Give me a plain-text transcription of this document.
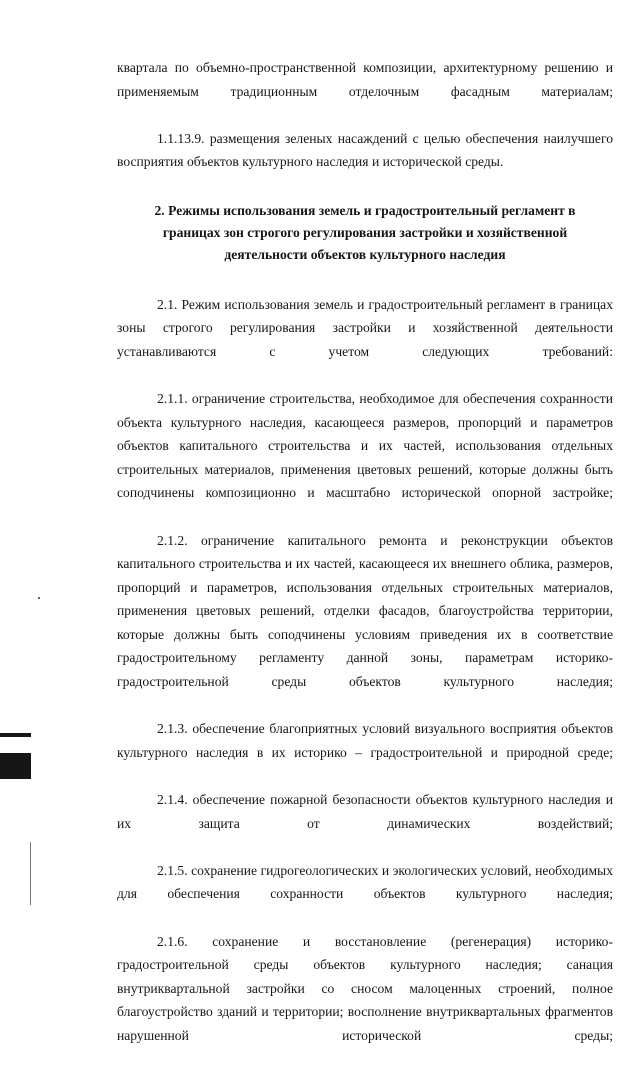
квартала по объемно-пространственной композиции, архитектурному решению и применяемым традиционным отделочным фасадным материалам;

1.1.13.9. размещения зеленых насаждений с целью обеспечения наилучшего восприятия объектов культурного наследия и исторической среды.

2. Режимы использования земель и градостроительный регламент в
границах зон строгого регулирования застройки и хозяйственной
деятельности объектов культурного наследия

2.1. Режим использования земель и градостроительный регламент в границах зоны строгого регулирования застройки и хозяйственной деятельности устанавливаются с учетом следующих требований:

2.1.1. ограничение строительства, необходимое для обеспечения сохранности объекта культурного наследия, касающееся размеров, пропорций и параметров объектов капитального строительства и их частей, использования отдельных строительных материалов, применения цветовых решений, которые должны быть соподчинены композиционно и масштабно исторической опорной застройке;

2.1.2. ограничение капитального ремонта и реконструкции объектов капитального строительства и их частей, касающееся их внешнего облика, размеров, пропорций и параметров, использования отдельных строительных материалов, применения цветовых решений, отделки фасадов, благоустройства территории, которые должны быть соподчинены условиям приведения их в соответствие градостроительному регламенту данной зоны, параметрам историко-градостроительной среды объектов культурного наследия;

2.1.3. обеспечение благоприятных условий визуального восприятия объектов культурного наследия в их историко – градостроительной и природной среде;

2.1.4. обеспечение пожарной безопасности объектов культурного наследия и их защита от динамических воздействий;

2.1.5. сохранение гидрогеологических и экологических условий, необходимых для обеспечения сохранности объектов культурного наследия;

2.1.6. сохранение и восстановление (регенерация) историко-градостроительной среды объектов культурного наследия; санация внутриквартальной застройки со сносом малоценных строений, полное благоустройство зданий и территории; восполнение внутриквартальных фрагментов нарушенной исторической среды;
